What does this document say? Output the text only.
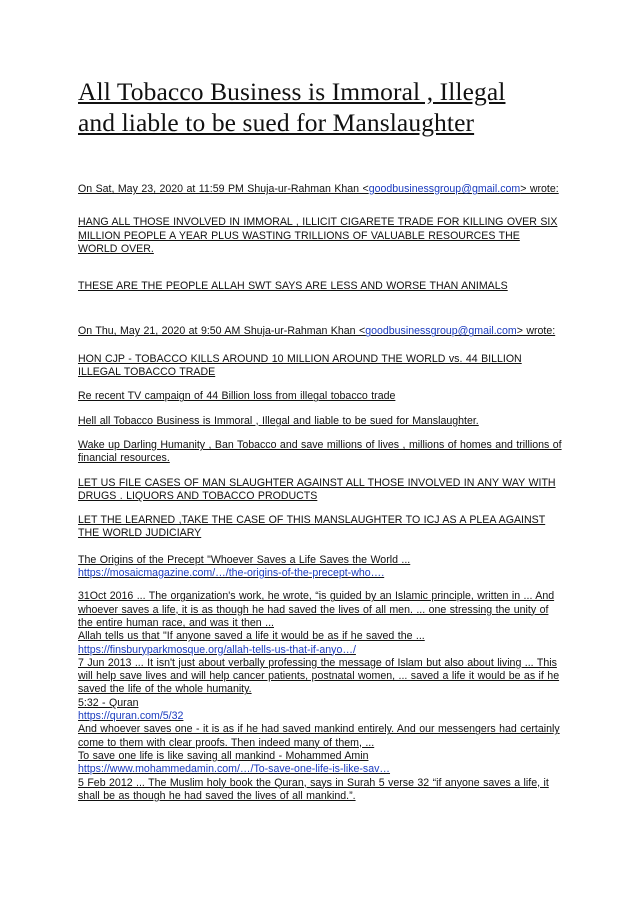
All Tobacco Business is Immoral , Illegal and liable to be sued for Manslaughter

On Sat, May 23, 2020 at 11:59 PM Shuja-ur-Rahman Khan <goodbusinessgroup@gmail.com> wrote:

HANG ALL THOSE INVOLVED IN IMMORAL , ILLICIT CIGARETE TRADE FOR KILLING OVER SIX MILLION PEOPLE A YEAR PLUS WASTING TRILLIONS OF VALUABLE RESOURCES THE WORLD OVER.

THESE ARE THE PEOPLE ALLAH SWT SAYS ARE LESS AND WORSE THAN ANIMALS

On Thu, May 21, 2020 at 9:50 AM Shuja-ur-Rahman Khan <goodbusinessgroup@gmail.com> wrote:

HON CJP - TOBACCO KILLS AROUND 10 MILLION AROUND THE WORLD vs. 44 BILLION ILLEGAL TOBACCO TRADE

Re recent TV campaign of 44 Billion loss from illegal tobacco trade

Hell all Tobacco Business is Immoral , Illegal and liable to be sued for Manslaughter.

Wake up Darling Humanity , Ban Tobacco and save millions of lives , millions of homes and trillions of financial resources.

LET US FILE CASES OF MAN SLAUGHTER AGAINST ALL THOSE INVOLVED IN ANY WAY WITH DRUGS . LIQUORS AND TOBACCO PRODUCTS

LET THE LEARNED ,TAKE THE CASE OF THIS MANSLAUGHTER TO ICJ AS A PLEA AGAINST THE WORLD JUDICIARY

The Origins of the Precept "Whoever Saves a Life Saves the World ...
https://mosaicmagazine.com/…/the-origins-of-the-precept-who….

31Oct 2016 ... The organization's work, he wrote, “is guided by an Islamic principle, written in ... And whoever saves a life, it is as though he had saved the lives of all men. ... one stressing the unity of the entire human race, and was it then ...

Allah tells us that "If anyone saved a life it would be as if he saved the ...
https://finsburyparkmosque.org/allah-tells-us-that-if-anyo…/

7 Jun 2013 ... It isn't just about verbally professing the message of Islam but also about living ... This will help save lives and will help cancer patients, postnatal women, ... saved a life it would be as if he saved the life of the whole humanity.

5:32 - Quran
https://quran.com/5/32

And whoever saves one - it is as if he had saved mankind entirely. And our messengers had certainly come to them with clear proofs. Then indeed many of them, ...

To save one life is like saving all mankind - Mohammed Amin
https://www.mohammedamin.com/…/To-save-one-life-is-like-sav…

5 Feb 2012 ... The Muslim holy book the Quran, says in Surah 5 verse 32 “if anyone saves a life, it shall be as though he had saved the lives of all mankind.”.
